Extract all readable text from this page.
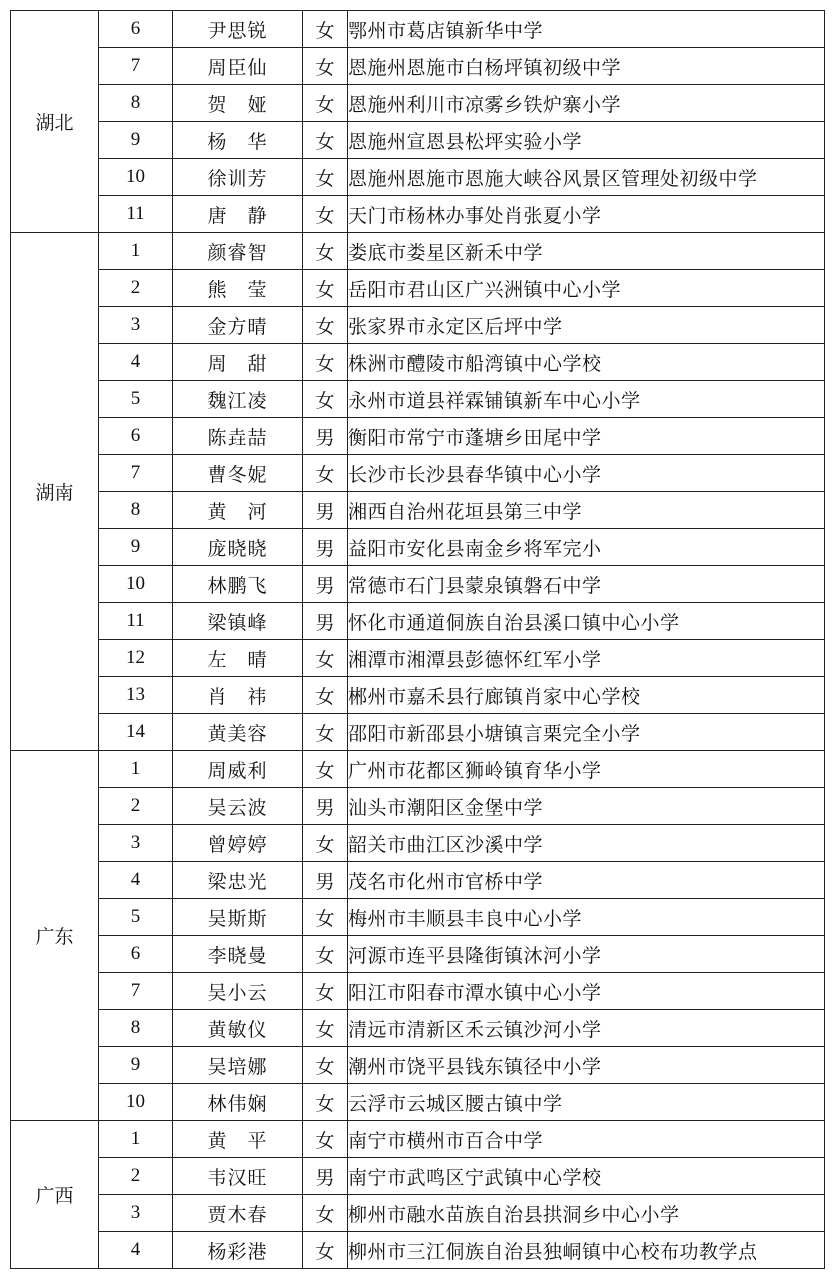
湖北	6	尹思锐	女	鄂州市葛店镇新华中学
	7	周臣仙	女	恩施州恩施市白杨坪镇初级中学
	8	贺　娅	女	恩施州利川市凉雾乡铁炉寨小学
	9	杨　华	女	恩施州宣恩县松坪实验小学
	10	徐训芳	女	恩施州恩施市恩施大峡谷风景区管理处初级中学
	11	唐　静	女	天门市杨林办事处肖张夏小学
湖南	1	颜睿智	女	娄底市娄星区新禾中学
	2	熊　莹	女	岳阳市君山区广兴洲镇中心小学
	3	金方晴	女	张家界市永定区后坪中学
	4	周　甜	女	株洲市醴陵市船湾镇中心学校
	5	魏江凌	女	永州市道县祥霖铺镇新车中心小学
	6	陈垚喆	男	衡阳市常宁市蓬塘乡田尾中学
	7	曹冬妮	女	长沙市长沙县春华镇中心小学
	8	黄　河	男	湘西自治州花垣县第三中学
	9	庞晓晓	男	益阳市安化县南金乡将军完小
	10	林鹏飞	男	常德市石门县蒙泉镇磐石中学
	11	梁镇峰	男	怀化市通道侗族自治县溪口镇中心小学
	12	左　晴	女	湘潭市湘潭县彭德怀红军小学
	13	肖　祎	女	郴州市嘉禾县行廊镇肖家中心学校
	14	黄美容	女	邵阳市新邵县小塘镇言栗完全小学
广东	1	周威利	女	广州市花都区狮岭镇育华小学
	2	吴云波	男	汕头市潮阳区金堡中学
	3	曾婷婷	女	韶关市曲江区沙溪中学
	4	梁忠光	男	茂名市化州市官桥中学
	5	吴斯斯	女	梅州市丰顺县丰良中心小学
	6	李晓曼	女	河源市连平县隆街镇沐河小学
	7	吴小云	女	阳江市阳春市潭水镇中心小学
	8	黄敏仪	女	清远市清新区禾云镇沙河小学
	9	吴培娜	女	潮州市饶平县钱东镇径中小学
	10	林伟娴	女	云浮市云城区腰古镇中学
广西	1	黄　平	女	南宁市横州市百合中学
	2	韦汉旺	男	南宁市武鸣区宁武镇中心学校
	3	贾木春	女	柳州市融水苗族自治县拱洞乡中心小学
	4	杨彩港	女	柳州市三江侗族自治县独峒镇中心校布功教学点
